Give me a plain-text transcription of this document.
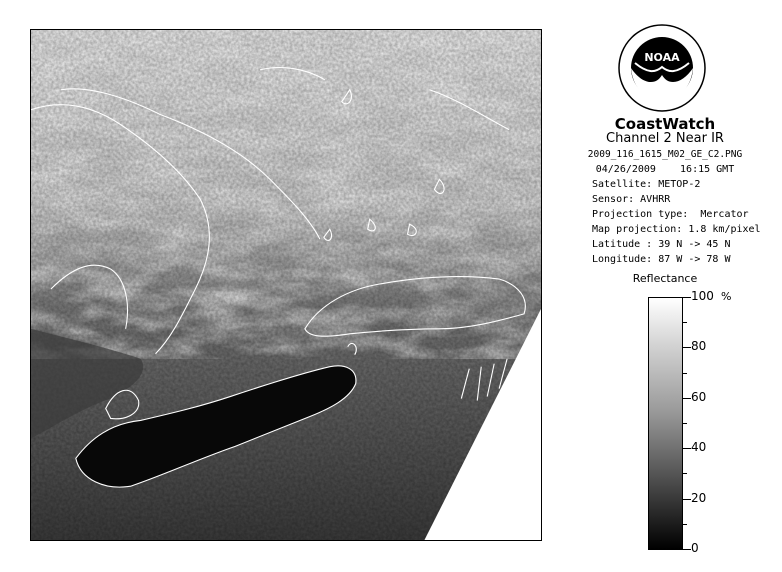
NOAA
CoastWatch
Channel 2 Near IR
2009_116_1615_M02_GE_C2.PNG
04/26/2009    16:15 GMT
Satellite: METOP-2
Sensor: AVHRR
Projection type:  Mercator
Map projection: 1.8 km/pixel
Latitude : 39 N -> 45 N
Longitude: 87 W -> 78 W
Reflectance
%
100
80
60
40
20
0
